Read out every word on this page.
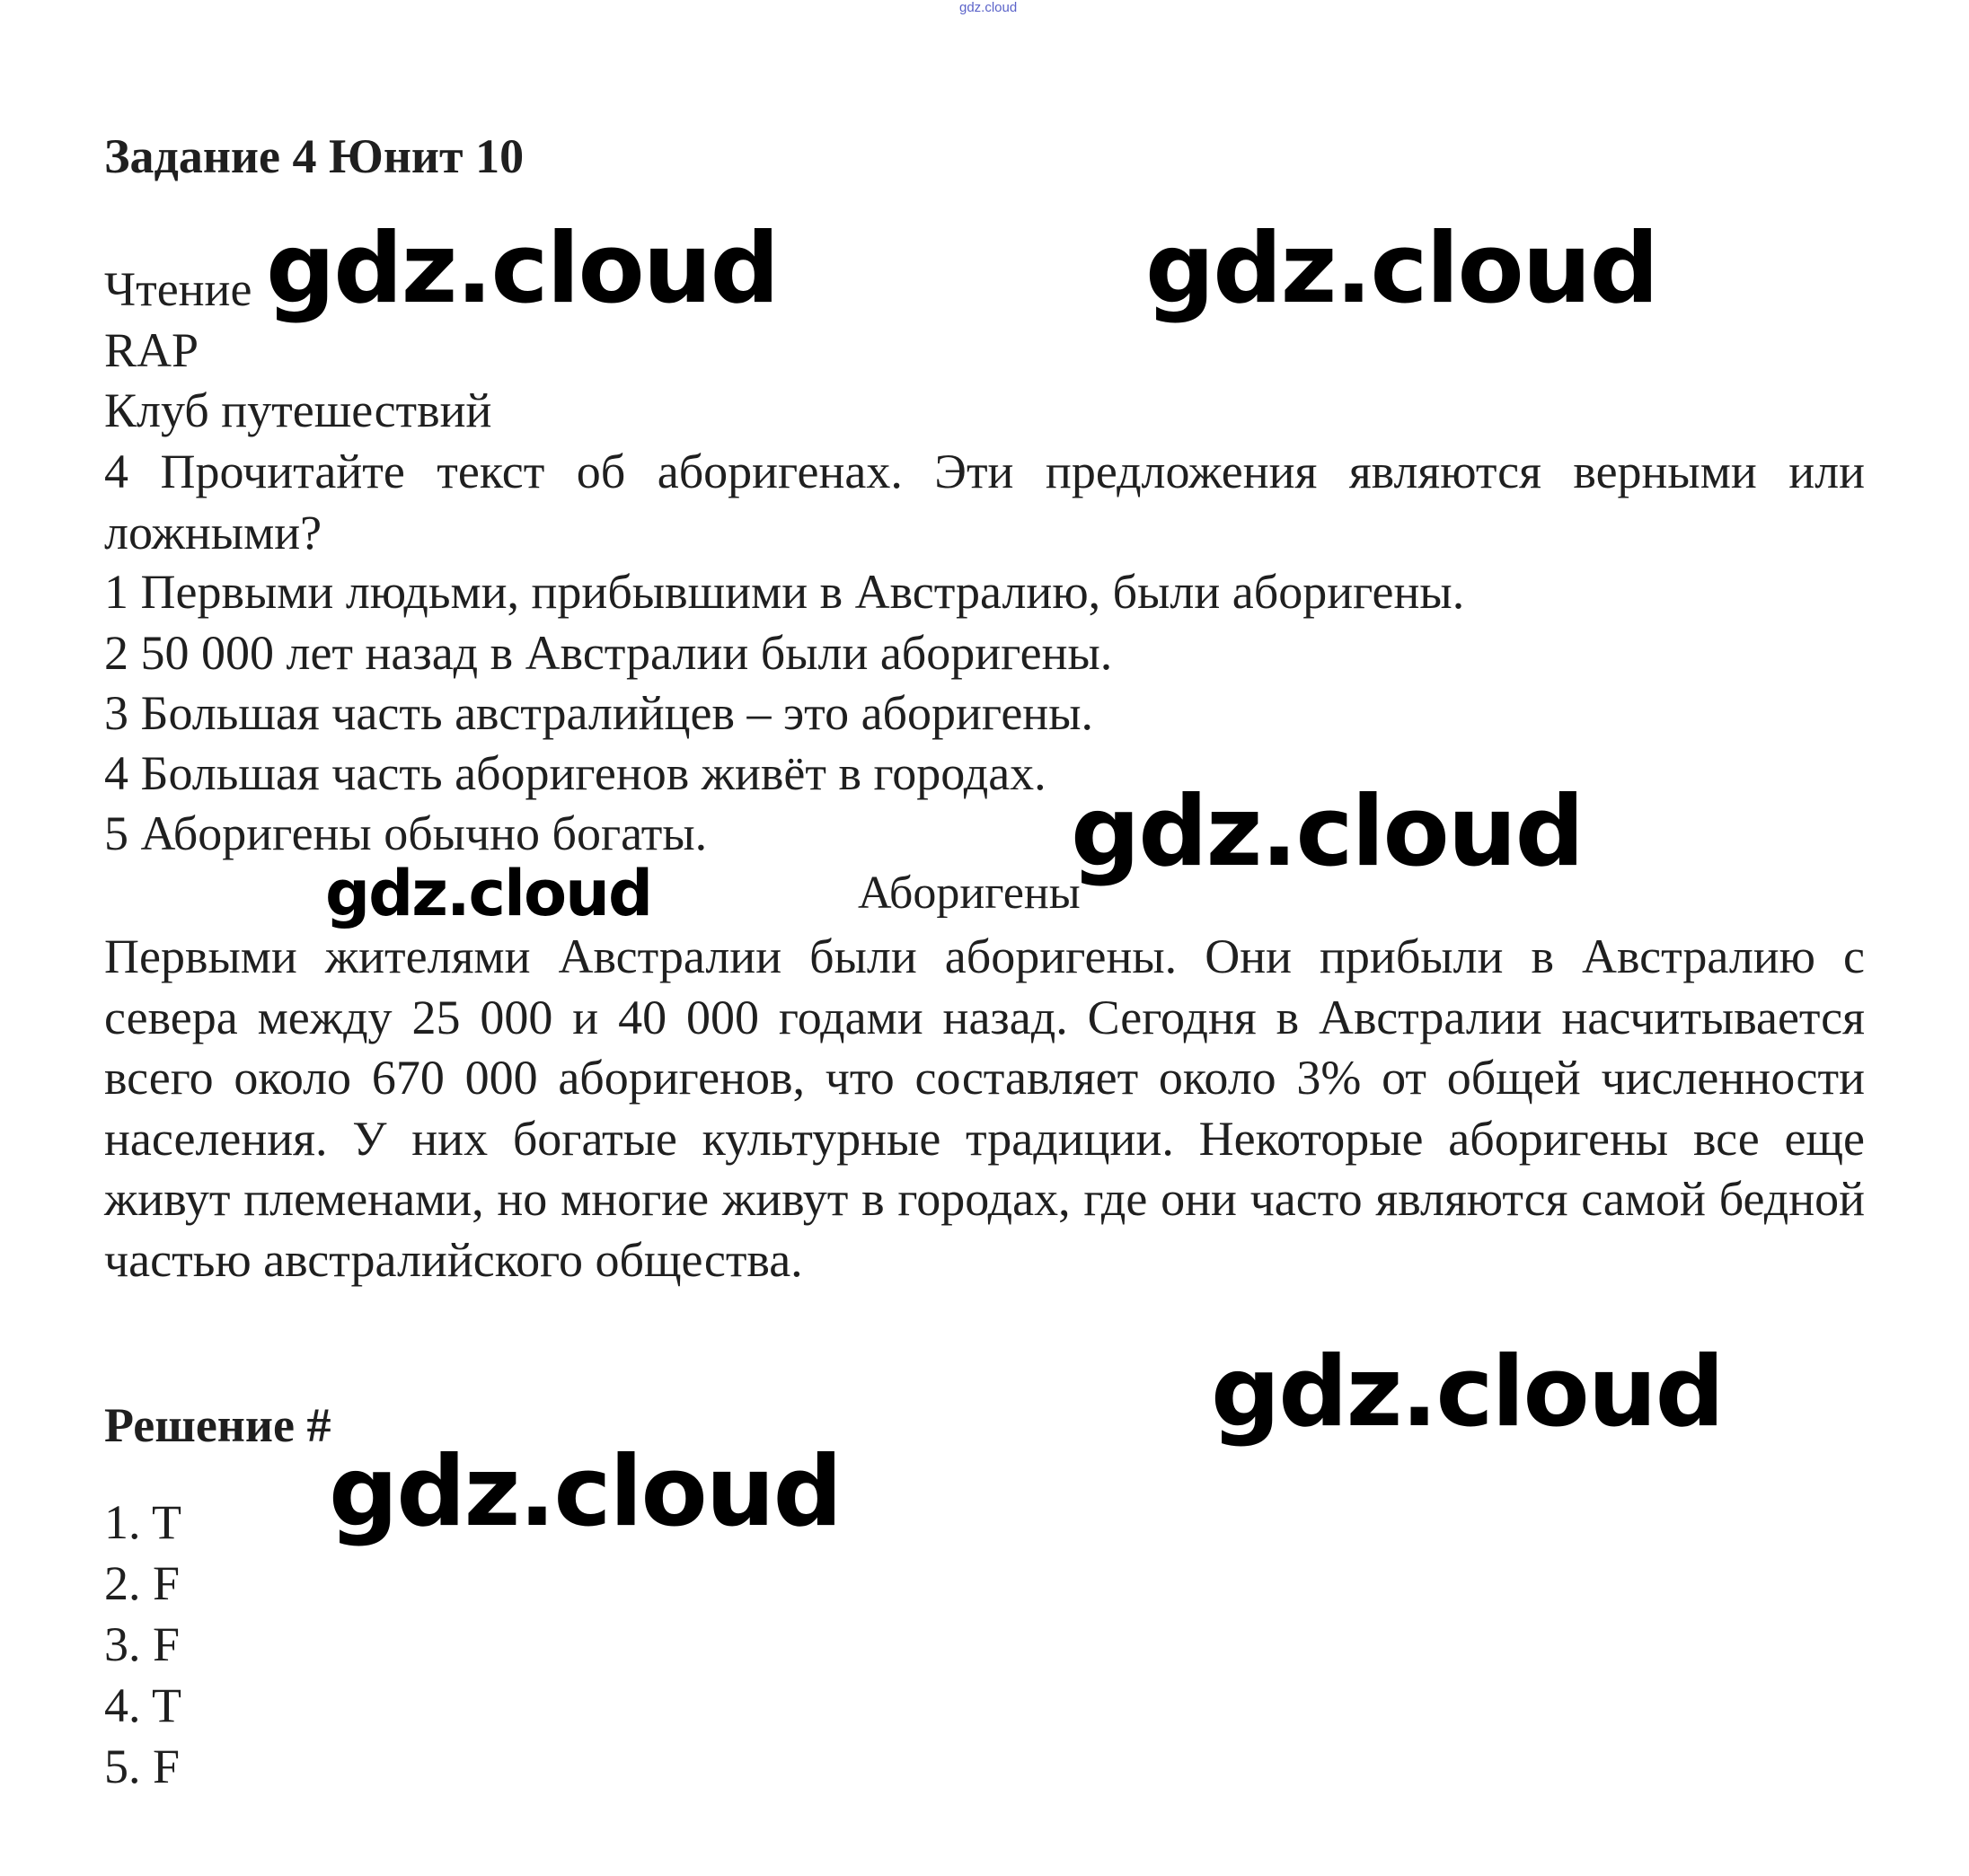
gdz.cloud
Задание 4 Юнит 10
Чтение
RAP
Клуб путешествий
4 Прочитайте текст об аборигенах. Эти предложения являются верными или ложными?
1 Первыми людьми, прибывшими в Австралию, были аборигены.
2 50 000 лет назад в Австралии были аборигены.
3 Большая часть австралийцев – это аборигены.
4 Большая часть аборигенов живёт в городах.
5 Аборигены обычно богаты.
Аборигены
Первыми жителями Австралии были аборигены. Они прибыли в Австралию с севера между 25 000 и 40 000 годами назад. Сегодня в Австралии насчитывается всего около 670 000 аборигенов, что составляет около 3% от общей численности населения. У них богатые культурные традиции. Некоторые аборигены все еще живут племенами, но многие живут в городах, где они часто являются самой бедной частью австралийского общества.
Решение #
1. T
2. F
3. F
4. T
5. F
gdz.cloud	gdz.cloud
gdz.cloud
gdz.cloud
gdz.cloud
gdz.cloud
